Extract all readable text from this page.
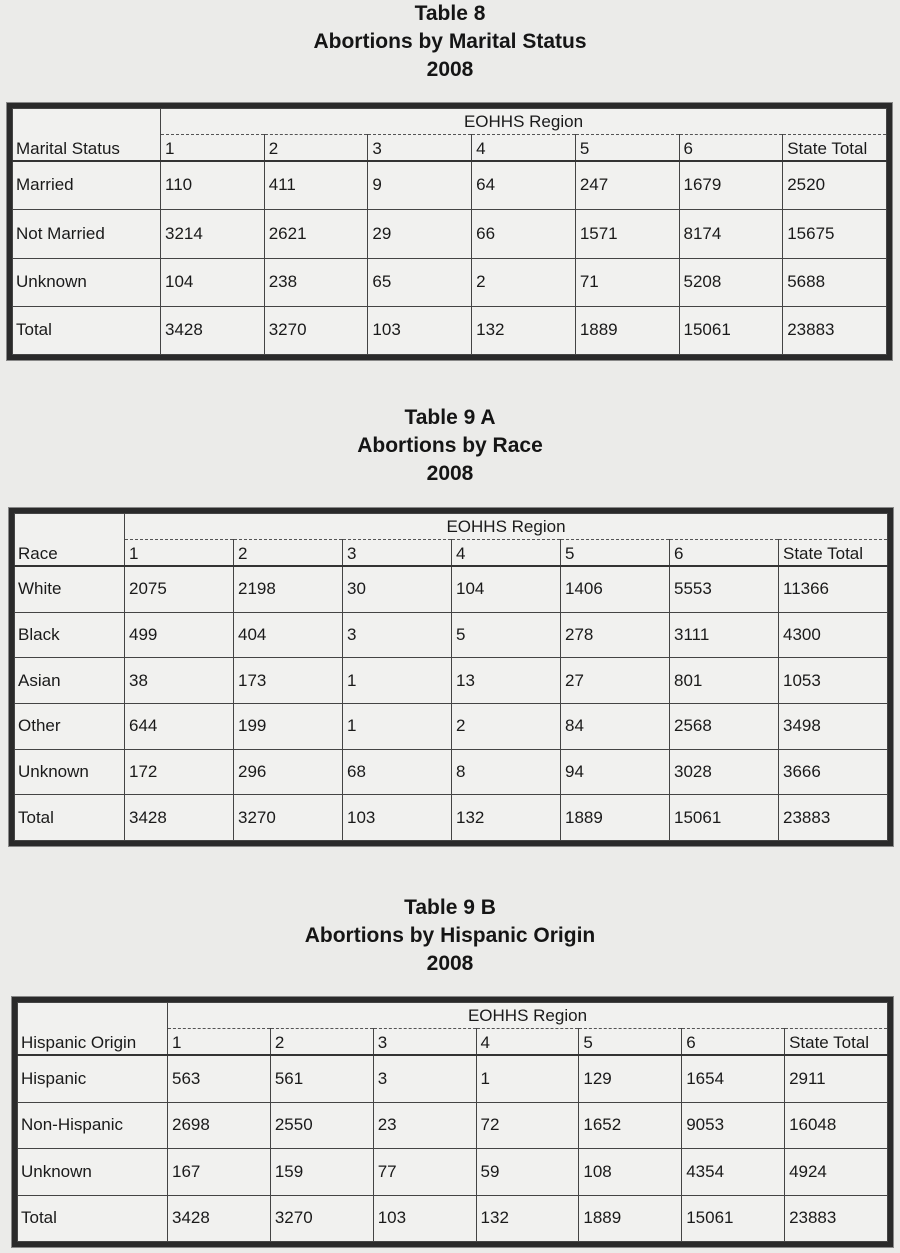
Table 8
Abortions by Marital Status
2008
	EOHHS Region						
Marital Status	1	2	3	4	5	6	State Total
Married	110	411	9	64	247	1679	2520
Not Married	3214	2621	29	66	1571	8174	15675
Unknown	104	238	65	2	71	5208	5688
Total	3428	3270	103	132	1889	15061	23883
Table 9 A
Abortions by Race
2008
	EOHHS Region						
Race	1	2	3	4	5	6	State Total
White	2075	2198	30	104	1406	5553	11366
Black	499	404	3	5	278	3111	4300
Asian	38	173	1	13	27	801	1053
Other	644	199	1	2	84	2568	3498
Unknown	172	296	68	8	94	3028	3666
Total	3428	3270	103	132	1889	15061	23883
Table 9 B
Abortions by Hispanic Origin
2008
	EOHHS Region						
Hispanic Origin	1	2	3	4	5	6	State Total
Hispanic	563	561	3	1	129	1654	2911
Non-Hispanic	2698	2550	23	72	1652	9053	16048
Unknown	167	159	77	59	108	4354	4924
Total	3428	3270	103	132	1889	15061	23883
